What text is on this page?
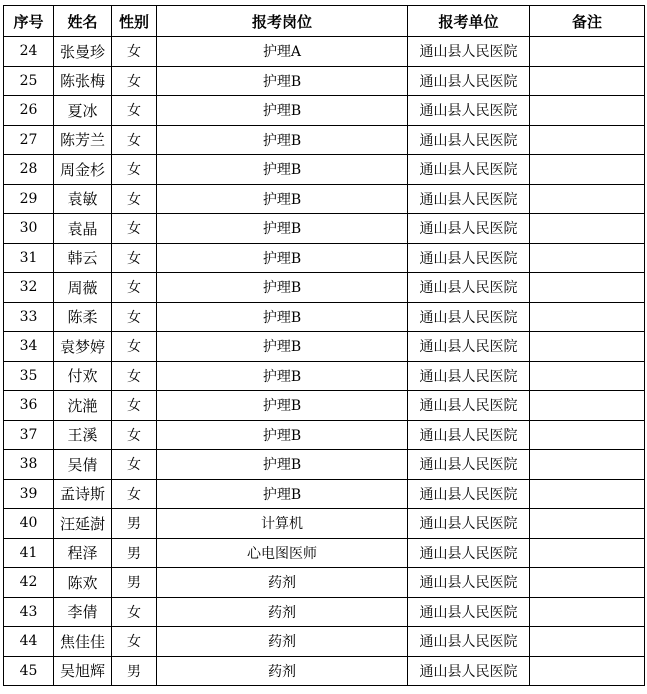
序号	姓名	性别	报考岗位	报考单位	备注
24	张曼珍	女	护理A	通山县人民医院	
25	陈张梅	女	护理B	通山县人民医院	
26	夏冰	女	护理B	通山县人民医院	
27	陈芳兰	女	护理B	通山县人民医院	
28	周金杉	女	护理B	通山县人民医院	
29	袁敏	女	护理B	通山县人民医院	
30	袁晶	女	护理B	通山县人民医院	
31	韩云	女	护理B	通山县人民医院	
32	周薇	女	护理B	通山县人民医院	
33	陈柔	女	护理B	通山县人民医院	
34	袁梦婷	女	护理B	通山县人民医院	
35	付欢	女	护理B	通山县人民医院	
36	沈滟	女	护理B	通山县人民医院	
37	王溪	女	护理B	通山县人民医院	
38	吴倩	女	护理B	通山县人民医院	
39	孟诗斯	女	护理B	通山县人民医院	
40	汪延澍	男	计算机	通山县人民医院	
41	程泽	男	心电图医师	通山县人民医院	
42	陈欢	男	药剂	通山县人民医院	
43	李倩	女	药剂	通山县人民医院	
44	焦佳佳	女	药剂	通山县人民医院	
45	吴旭辉	男	药剂	通山县人民医院	
